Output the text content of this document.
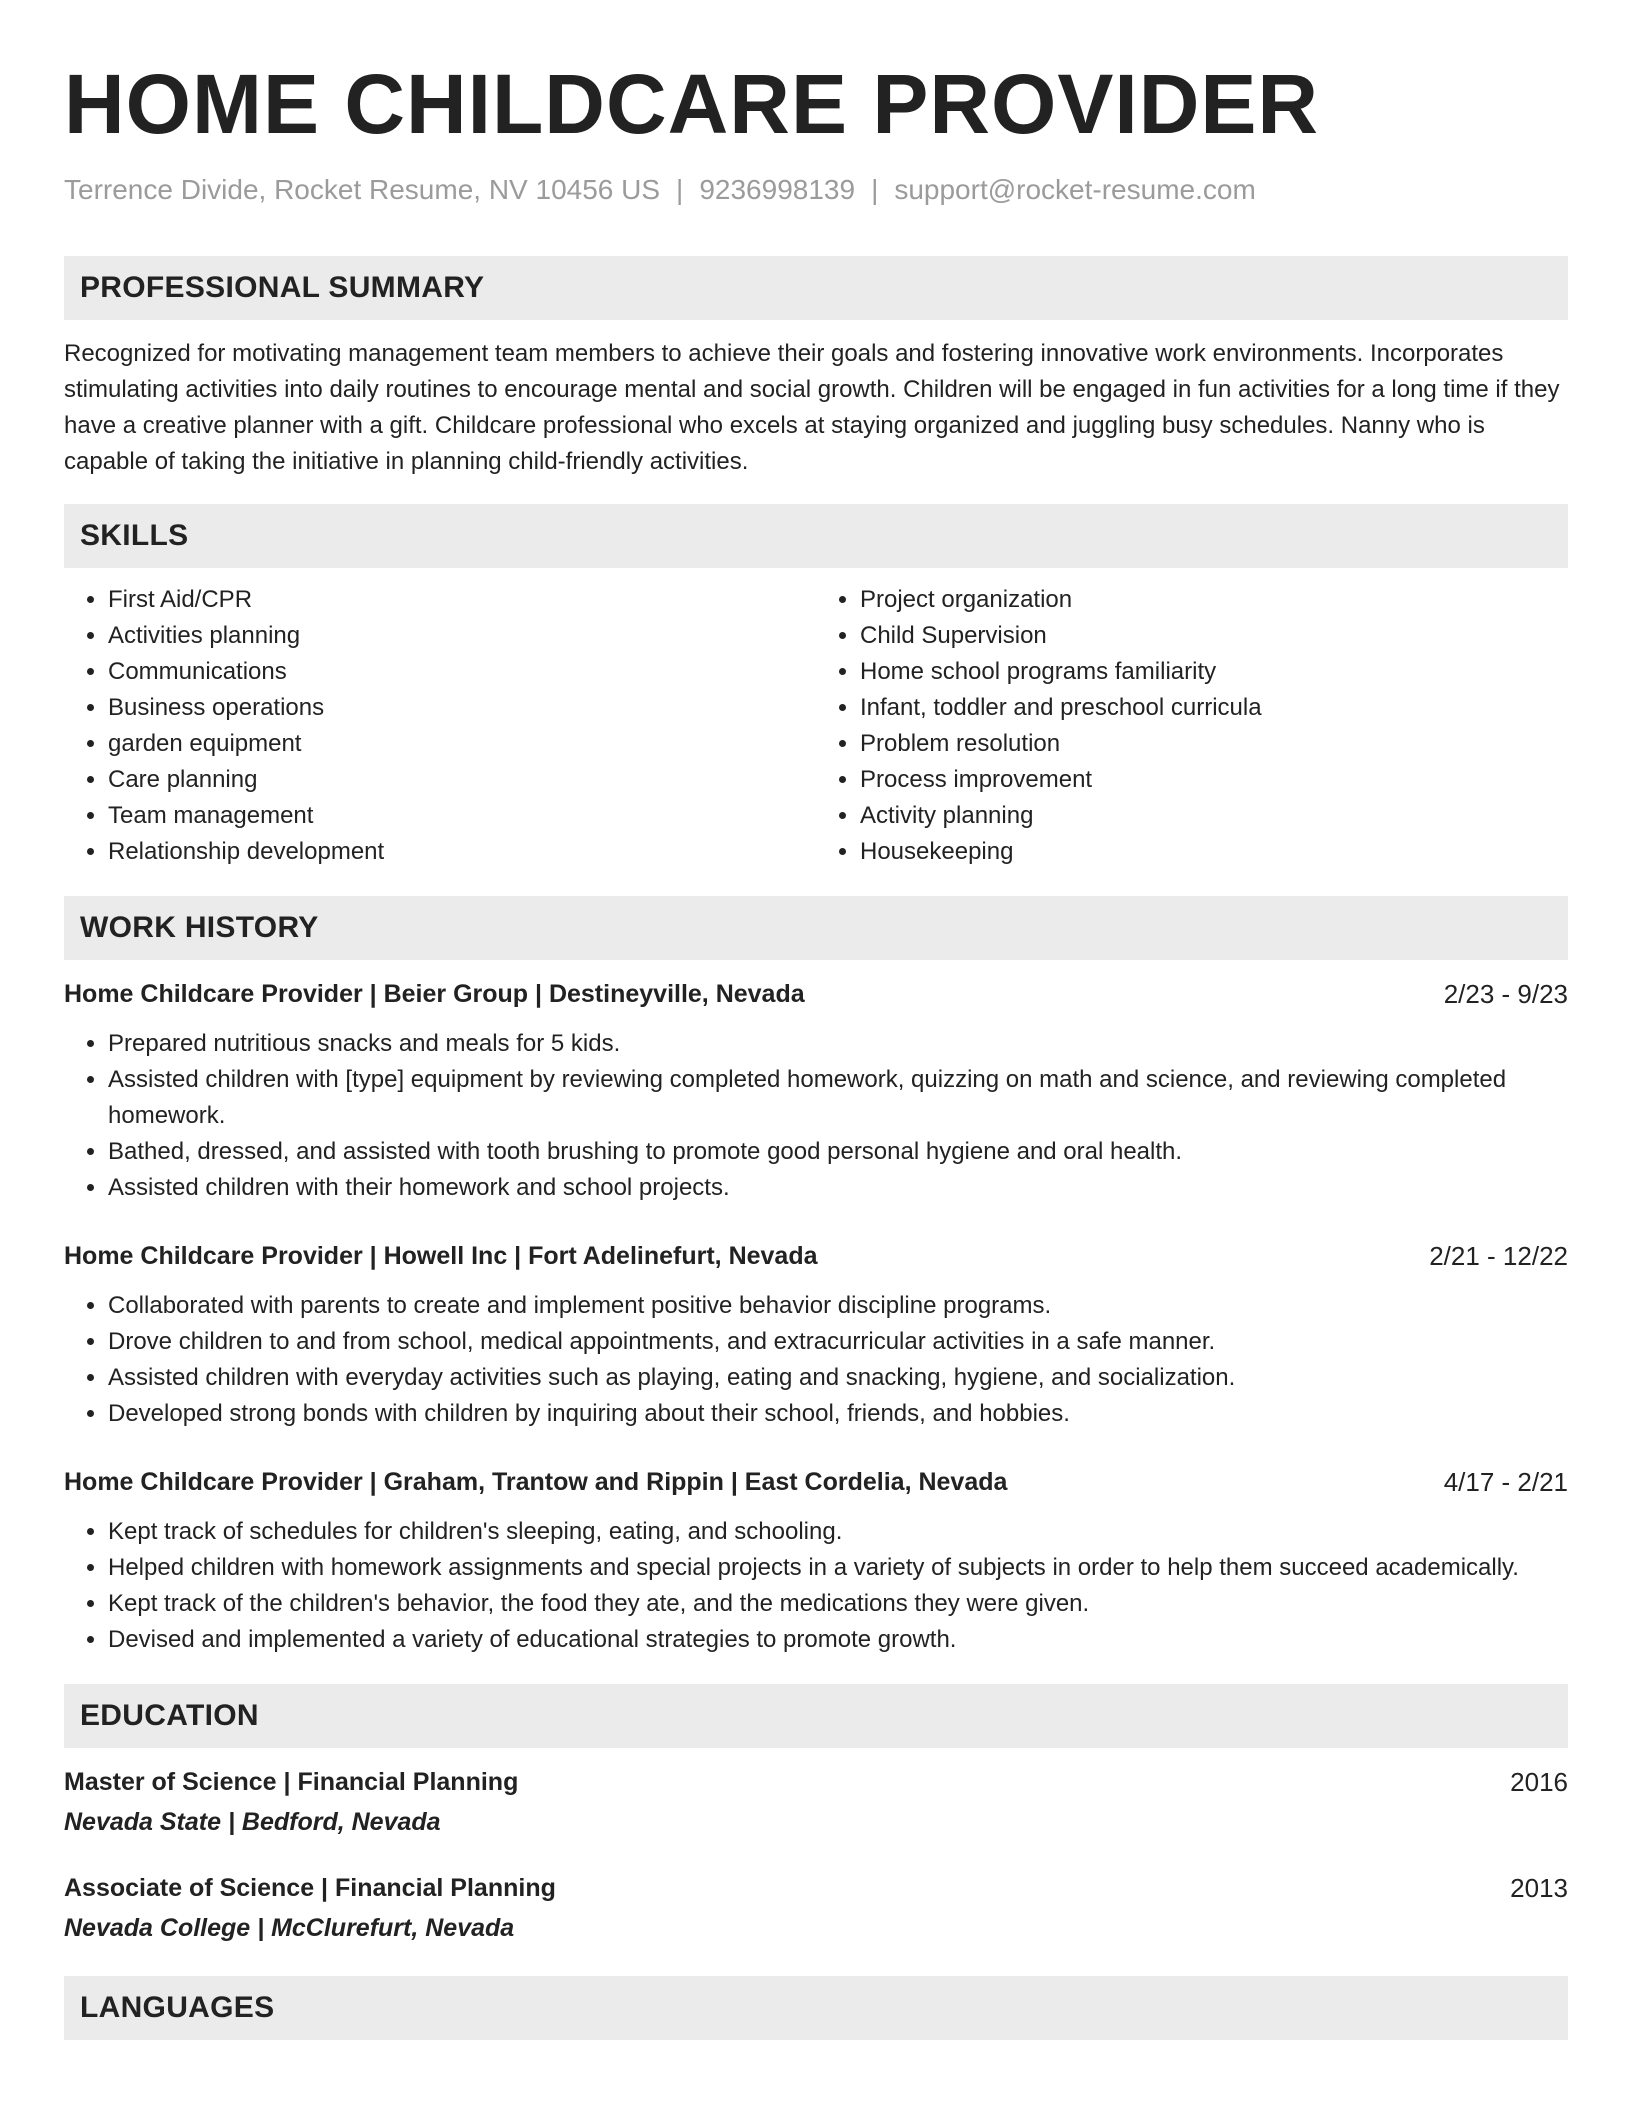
HOME CHILDCARE PROVIDER
Terrence Divide, Rocket Resume, NV 10456 US | 9236998139 | support@rocket-resume.com
PROFESSIONAL SUMMARY

Recognized for motivating management team members to achieve their goals and fostering innovative work environments. Incorporates stimulating activities into daily routines to encourage mental and social growth. Children will be engaged in fun activities for a long time if they have a creative planner with a gift. Childcare professional who excels at staying organized and juggling busy schedules. Nanny who is capable of taking the initiative in planning child-friendly activities.

SKILLS
• First Aid/CPR
• Activities planning
• Communications
• Business operations
• garden equipment
• Care planning
• Team management
• Relationship development
• Project organization
• Child Supervision
• Home school programs familiarity
• Infant, toddler and preschool curricula
• Problem resolution
• Process improvement
• Activity planning
• Housekeeping
WORK HISTORY
Home Childcare Provider | Beier Group | Destineyville, Nevada	2/23 - 9/23
• Prepared nutritious snacks and meals for 5 kids.
• Assisted children with [type] equipment by reviewing completed homework, quizzing on math and science, and reviewing completed homework.
• Bathed, dressed, and assisted with tooth brushing to promote good personal hygiene and oral health.
• Assisted children with their homework and school projects.
Home Childcare Provider | Howell Inc | Fort Adelinefurt, Nevada	2/21 - 12/22
• Collaborated with parents to create and implement positive behavior discipline programs.
• Drove children to and from school, medical appointments, and extracurricular activities in a safe manner.
• Assisted children with everyday activities such as playing, eating and snacking, hygiene, and socialization.
• Developed strong bonds with children by inquiring about their school, friends, and hobbies.
Home Childcare Provider | Graham, Trantow and Rippin | East Cordelia, Nevada	4/17 - 2/21
• Kept track of schedules for children's sleeping, eating, and schooling.
• Helped children with homework assignments and special projects in a variety of subjects in order to help them succeed academically.
• Kept track of the children's behavior, the food they ate, and the medications they were given.
• Devised and implemented a variety of educational strategies to promote growth.
EDUCATION
Master of Science | Financial Planning	2016
Nevada State | Bedford, Nevada
Associate of Science | Financial Planning	2013
Nevada College | McClurefurt, Nevada
LANGUAGES
